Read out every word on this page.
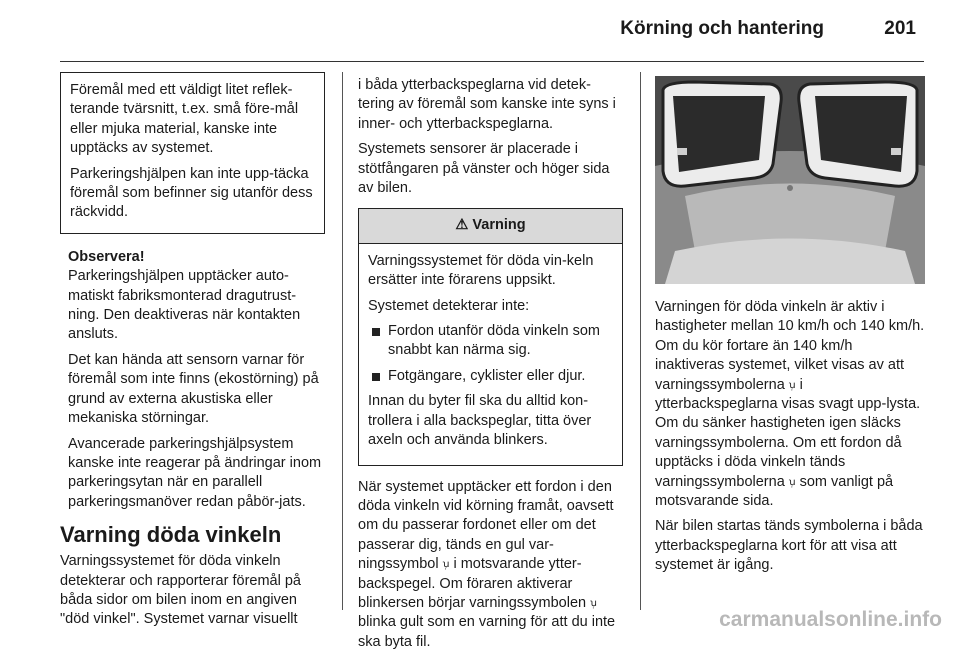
Körning och hantering	201

Föremål med ett väldigt litet reflek-terande tvärsnitt, t.ex. små före-mål eller mjuka material, kanske inte upptäcks av systemet.

Parkeringshjälpen kan inte upp-täcka föremål som befinner sig utanför dess räckvidd.

Observera!

Parkeringshjälpen upptäcker auto-matiskt fabriksmonterad dragutrust-ning. Den deaktiveras när kontakten ansluts.

Det kan hända att sensorn varnar för föremål som inte finns (ekostörning) på grund av externa akustiska eller mekaniska störningar.

Avancerade parkeringshjälpsystem kanske inte reagerar på ändringar inom parkeringsytan när en parallell parkeringsmanöver redan påbör-jats.

Varning döda vinkeln

Varningssystemet för döda vinkeln detekterar och rapporterar föremål på båda sidor om bilen inom en angiven "död vinkel". Systemet varnar visuellt

i båda ytterbackspeglarna vid detek-tering av föremål som kanske inte syns i inner- och ytterbackspeglarna.

Systemets sensorer är placerade i stötfångaren på vänster och höger sida av bilen.

⚠ Varning

Varningssystemet för döda vin-keln ersätter inte förarens uppsikt.

Systemet detekterar inte:

Fordon utanför döda vinkeln som snabbt kan närma sig.
Fotgängare, cyklister eller djur.

Innan du byter fil ska du alltid kon-trollera i alla backspeglar, titta över axeln och använda blinkers.

När systemet upptäcker ett fordon i den döda vinkeln vid körning framåt, oavsett om du passerar fordonet eller om det passerar dig, tänds en gul var-ningssymbol ꭒ᷊ i motsvarande ytter-backspegel. Om föraren aktiverar blinkersen börjar varningssymbolen ꭒ᷊ blinka gult som en varning för att du inte ska byta fil.

Varningen för döda vinkeln är aktiv i hastigheter mellan 10 km/h och 140 km/h. Om du kör fortare än 140 km/h inaktiveras systemet, vilket visas av att varningssymbolerna ꭒ᷊ i ytterbackspeglarna visas svagt upp-lysta. Om du sänker hastigheten igen släcks varningssymbolerna. Om ett fordon då upptäcks i döda vinkeln tänds varningssymbolerna ꭒ᷊ som vanligt på motsvarande sida.

När bilen startas tänds symbolerna i båda ytterbackspeglarna kort för att visa att systemet är igång.

carmanualsonline.info
